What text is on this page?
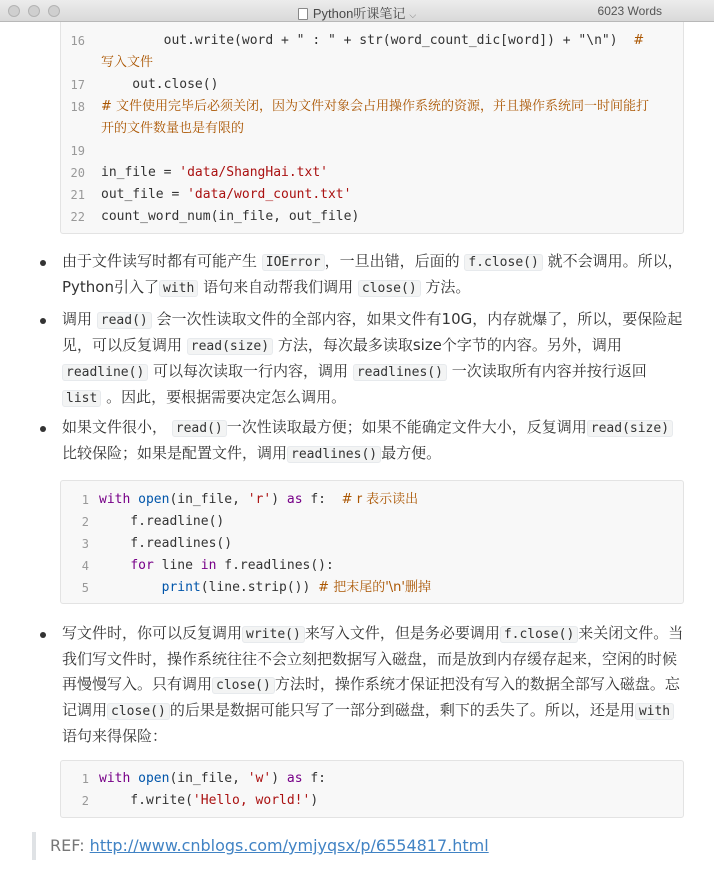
Python听课笔记 ⌵	6023 Words
16 out.write(word + " : " + str(word_count_dic[word]) + "\n")  #
写入文件
17 out.close()
18 # 文件使用完毕后必须关闭，因为文件对象会占用操作系统的资源，并且操作系统同一时间能打
开的文件数量也是有限的
19
20 in_file = 'data/ShangHai.txt'
21 out_file = 'data/word_count.txt'
22 count_word_num(in_file, out_file)
由于文件读写时都有可能产生 IOError ，一旦出错，后面的 f.close() 就不会调用。所以，Python引入了 with 语句来自动帮我们调用 close() 方法。
调用 read() 会一次性读取文件的全部内容，如果文件有10G，内存就爆了，所以，要保险起见，可以反复调用 read(size) 方法，每次最多读取size个字节的内容。另外，调用 readline() 可以每次读取一行内容，调用 readlines() 一次读取所有内容并按行返回 list 。因此，要根据需要决定怎么调用。
如果文件很小， read() 一次性读取最方便；如果不能确定文件大小，反复调用 read(size)比较保险；如果是配置文件，调用 readlines() 最方便。
1 with open(in_file, 'r') as f:  # r 表示读出
2 f.readline()
3 f.readlines()
4	for line in f.readlines():
5	print(line.strip()) # 把末尾的'\n'删掉
写文件时，你可以反复调用 write() 来写入文件，但是务必要调用 f.close() 来关闭文件。当我们写文件时，操作系统往往不会立刻把数据写入磁盘，而是放到内存缓存起来，空闲的时候再慢慢写入。只有调用 close() 方法时，操作系统才保证把没有写入的数据全部写入磁盘。忘记调用 close() 的后果是数据可能只写了一部分到磁盘，剩下的丢失了。所以，还是用 with语句来得保险：
1 with open(in_file, 'w') as f:
2 f.write('Hello, world!')
REF: http://www.cnblogs.com/ymjyqsx/p/6554817.html
